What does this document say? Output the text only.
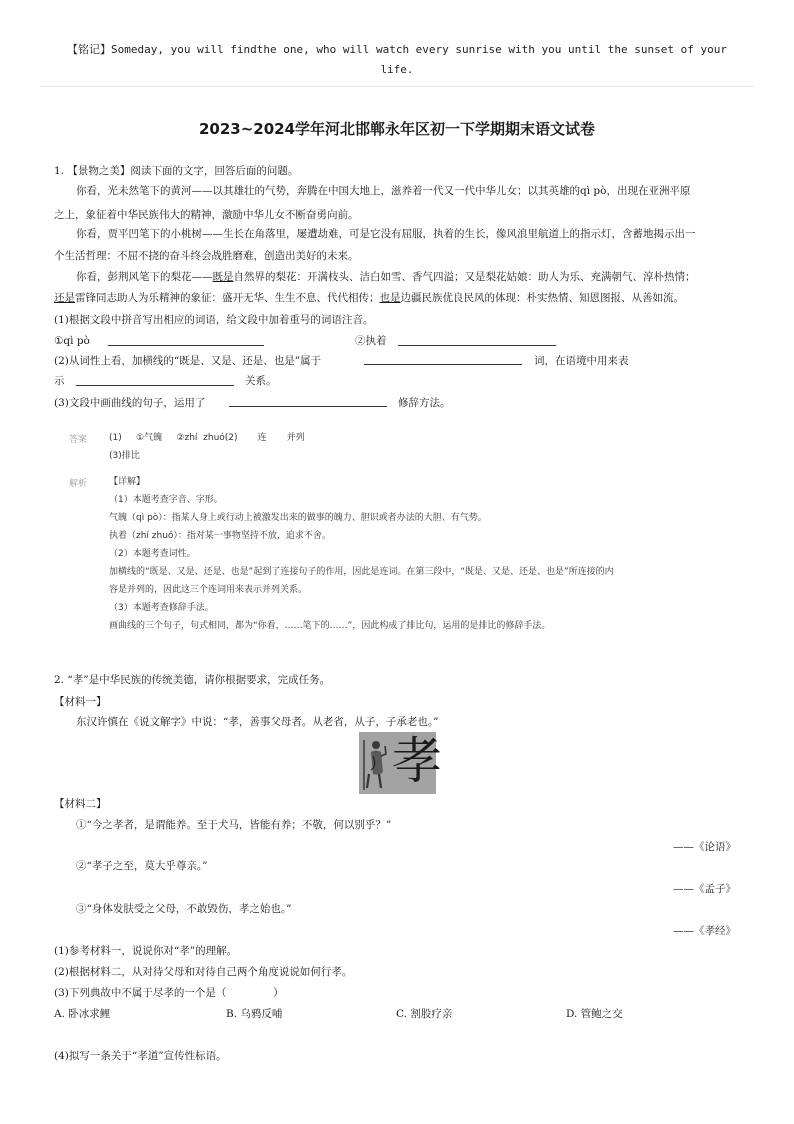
【铭记】Someday, you will findthe one, who will watch every sunrise with you until the sunset of your
life.
2023~2024学年河北邯郸永年区初一下学期期末语文试卷
1. 【景物之美】阅读下面的文字，回答后面的问题。
你看，光未然笔下的黄河——以其雄壮的气势，奔腾在中国大地上，滋养着一代又一代中华儿女；以其英雄的qì pò，出现在亚洲平原
之上，象征着中华民族伟大的精神，激励中华儿女不断奋勇向前。
你看，贾平凹笔下的小桃树——生长在角落里，屡遭劫难，可是它没有屈服，执着的生长，像风浪里航道上的指示灯，含蓄地揭示出一
个生活哲理：不屈不挠的奋斗终会战胜磨难，创造出美好的未来。
你看，彭荆风笔下的梨花——既是自然界的梨花：开满枝头、洁白如雪、香气四溢；又是梨花姑娘：助人为乐、充满朝气、淳朴热情；
还是雷锋同志助人为乐精神的象征：盛开无华、生生不息、代代相传；也是边疆民族优良民风的体现：朴实热情、知恩图报、从善如流。
(1)根据文段中拼音写出相应的词语，给文段中加着重号的词语注音。
①qì pò	②执着
(2)从词性上看，加横线的“既是、又是、还是、也是”属于	词，在语境中用来表
示	关系。
(3)文段中画曲线的句子，运用了	修辞方法。
答案 (1)     ①气魄     ②zhí  zhuó(2)       连       并列
(3)排比
解析 【详解】
（1）本题考查字音、字形。
气魄（qì pò）：指某人身上或行动上被激发出来的做事的魄力、胆识或者办法的大胆、有气势。
执着（zhí zhuó）：指对某一事物坚持不放，追求不舍。
（2）本题考查词性。
加横线的“既是、又是、还是、也是”起到了连接句子的作用，因此是连词。在第三段中，“既是、又是、还是、也是”所连接的内
容是并列的，因此这三个连词用来表示并列关系。
（3）本题考查修辞手法。
画曲线的三个句子，句式相同，都为“你看，……笔下的……”，因此构成了排比句，运用的是排比的修辞手法。
2. “孝”是中华民族的传统美德，请你根据要求，完成任务。
【材料一】
东汉许慎在《说文解字》中说：“孝，善事父母者。从老省，从子，子承老也。”
孝
【材料二】
①“今之孝者，是谓能养。至于犬马，皆能有养；不敬，何以别乎？”
——《论语》
②“孝子之至，莫大乎尊亲。”
——《孟子》
③“身体发肤受之父母，不敢毁伤，孝之始也。”
——《孝经》
(1)参考材料一，说说你对“孝”的理解。
(2)根据材料二，从对待父母和对待自己两个角度说说如何行孝。
(3)下列典故中不属于尽孝的一个是（              ）
A. 卧冰求鲤	B. 乌鸦反哺	C. 割股疗亲	D. 管鲍之交
(4)拟写一条关于“孝道”宣传性标语。
